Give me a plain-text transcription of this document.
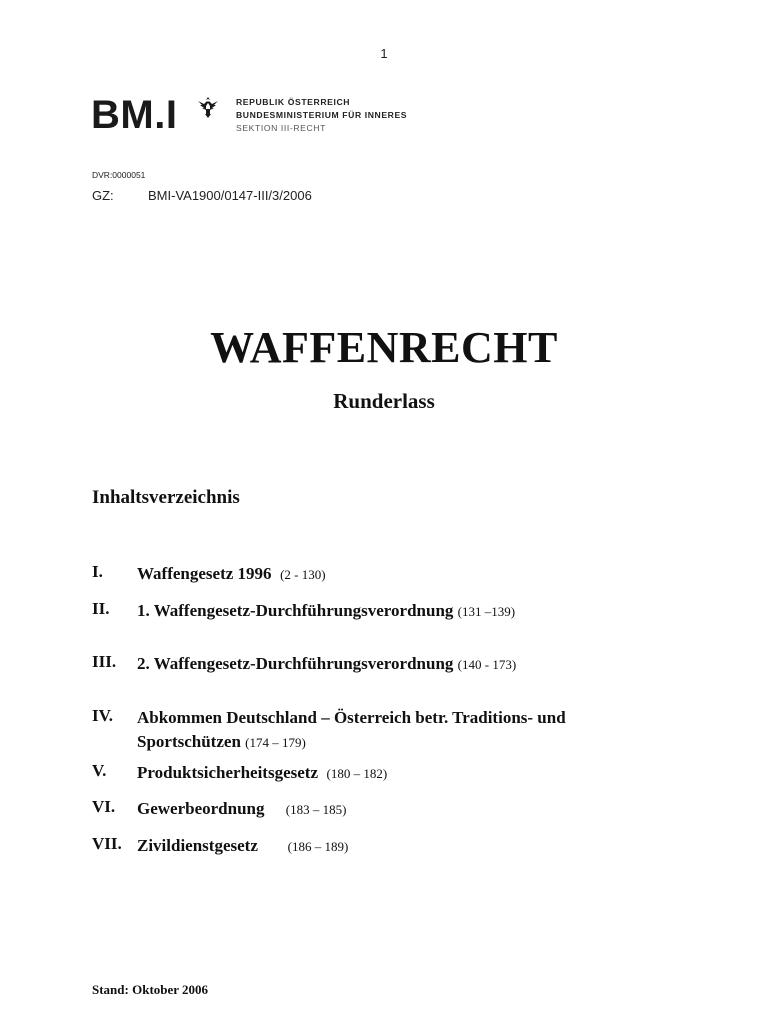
1
BM.I	REPUBLIK ÖSTERREICH
BUNDESMINISTERIUM FÜR INNERES
SEKTION III-RECHT
DVR:0000051
GZ:	BMI-VA1900/0147-III/3/2006
WAFFENRECHT
Runderlass
Inhaltsverzeichnis
I. Waffengesetz 1996 (2 - 130)
II. 1. Waffengesetz-Durchführungsverordnung (131 –139)
III. 2. Waffengesetz-Durchführungsverordnung (140 - 173)
IV. Abkommen Deutschland – Österreich betr. Traditions- und Sportschützen (174 – 179)
V. Produktsicherheitsgesetz (180 – 182)
VI. Gewerbeordnung (183 – 185)
VII. Zivildienstgesetz (186 – 189)
Stand: Oktober 2006
